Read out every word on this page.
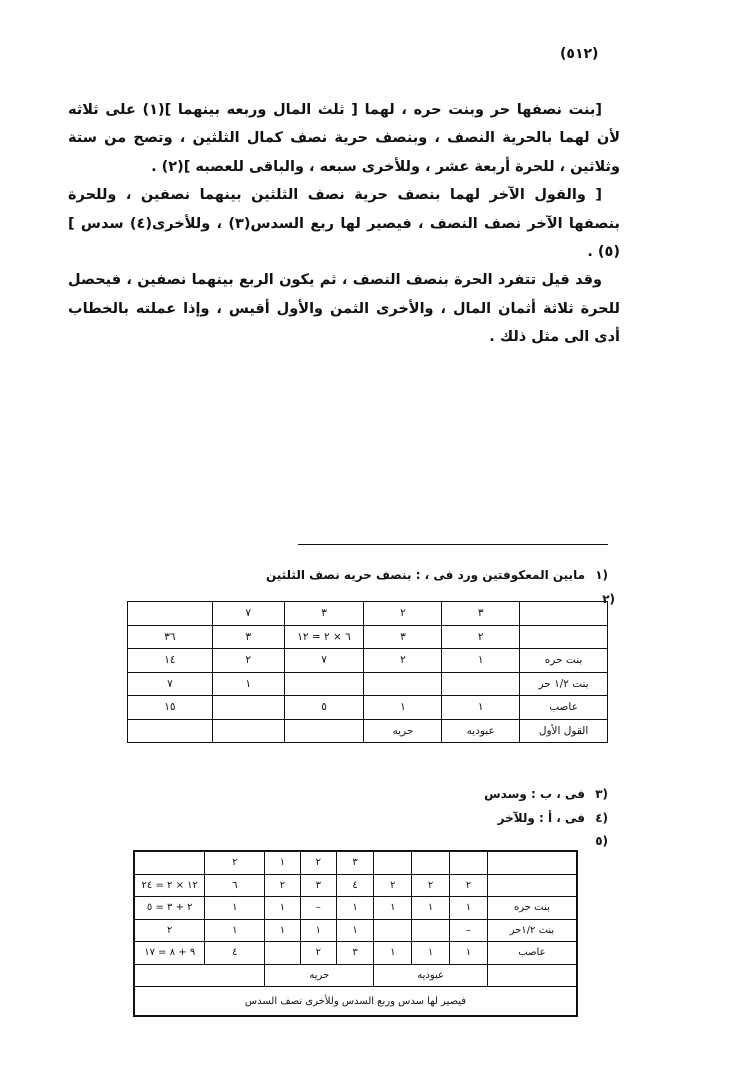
(٥١٢)

[بنت نصفها حر وبنت حره ، لهما [ ثلث المال وربعه بينهما ](١) على ثلاثه لأن لهما بالحرية النصف ، وبنصف حرية نصف كمال الثلثين ، وتصح من ستة وثلاثين ، للحرة أربعة عشر ، وللأخرى سبعه ، والباقى للعصبه ](٢) .

[ والقول الآخر لهما بنصف حرية نصف الثلثين بينهما نصفين ، وللحرة بنصفها الآخر نصف النصف ، فيصير لها ربع السدس(٣) ، وللأخرى(٤) سدس ](٥) .

وقد قيل تتفرد الحرة بنصف النصف ، ثم يكون الربع بينهما نصفين ، فيحصل للحرة ثلاثة أثمان المال ، والأخرى الثمن والأول أقيس ، وإذا عملته بالخطاب أدى الى مثل ذلك .

(١ مابين المعكوفتين ورد فى ، : بنصف حريه نصف الثلثين
(٢
	٣	٢	٣	٧	
	٢	٣	٦ × ٢ = ١٢	٣	٣٦
بنت حره	١	٢	٧	٢	١٤
بنت ١/٢ حر				١	٧
عاصب	١	١	٥		١٥
القول الأول	عبوديه	حريه			
(٣ فى ، ب : وسدس
(٤ فى ، أ : وللآخر
(٥
				٣	٢	١	٢	
	٢	٢	٢	٤	٣	٢	٦	١٢ × ٢ = ٢٤
بنت حره	١	١	١	١	–	١	١	٢ + ٣ = ٥
بنت ١/٢حر	–			١	١	١	١	٢
عاصب	١	١	١	٣	٢		٤	٩ + ٨ = ١٧
	عبوديه			حريه				
فيصير لها سدس وربع السدس وللأخرى نصف السدس								
